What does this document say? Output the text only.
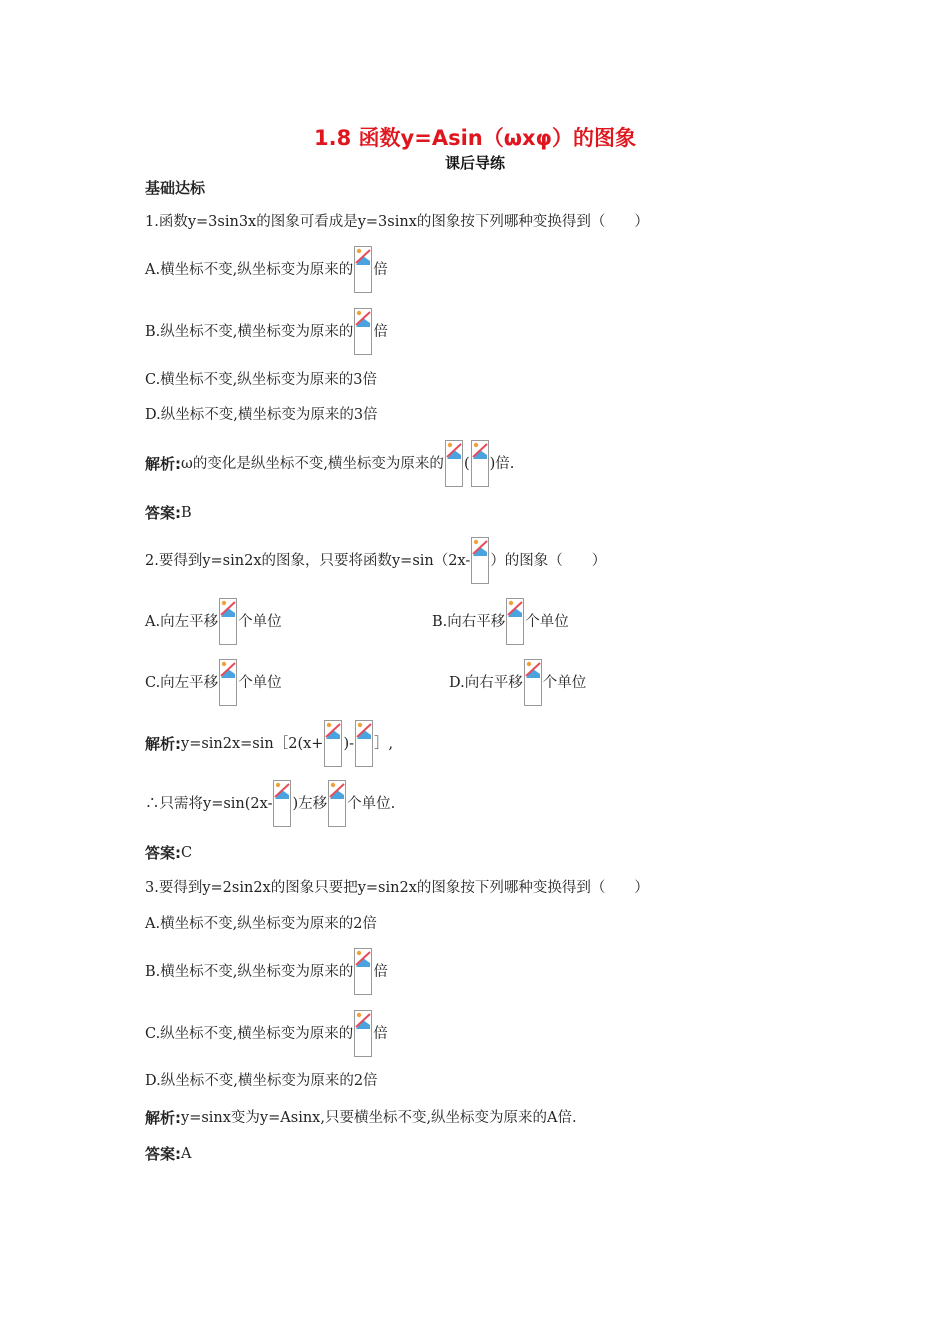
1.8 函数y=Asin（ωxφ）的图象
课后导练
基础达标
1.函数y=3sin3x的图象可看成是y=3sinx的图象按下列哪种变换得到（　　）
A.横坐标不变,纵坐标变为原来的 倍
B.纵坐标不变,横坐标变为原来的 倍
C.横坐标不变,纵坐标变为原来的3倍
D.纵坐标不变,横坐标变为原来的3倍
解析: ω的变化是纵坐标不变,横坐标变为原来的 ( )倍.
答案: B
2.要得到y=sin2x的图象，只要将函数y=sin（2x- ）的图象（　　）
A.向左平移 个单位	B.向右平移 个单位
C.向左平移 个单位	D.向右平移 个单位
解析: y=sin2x=sin［2(x+ )- ］,
∴只需将y=sin(2x- )左移 个单位.
答案: C
3.要得到y=2sin2x的图象只要把y=sin2x的图象按下列哪种变换得到（　　）
A.横坐标不变,纵坐标变为原来的2倍
B.横坐标不变,纵坐标变为原来的 倍
C.纵坐标不变,横坐标变为原来的 倍
D.纵坐标不变,横坐标变为原来的2倍
解析: y=sinx变为y=Asinx,只要横坐标不变,纵坐标变为原来的A倍.
答案: A
